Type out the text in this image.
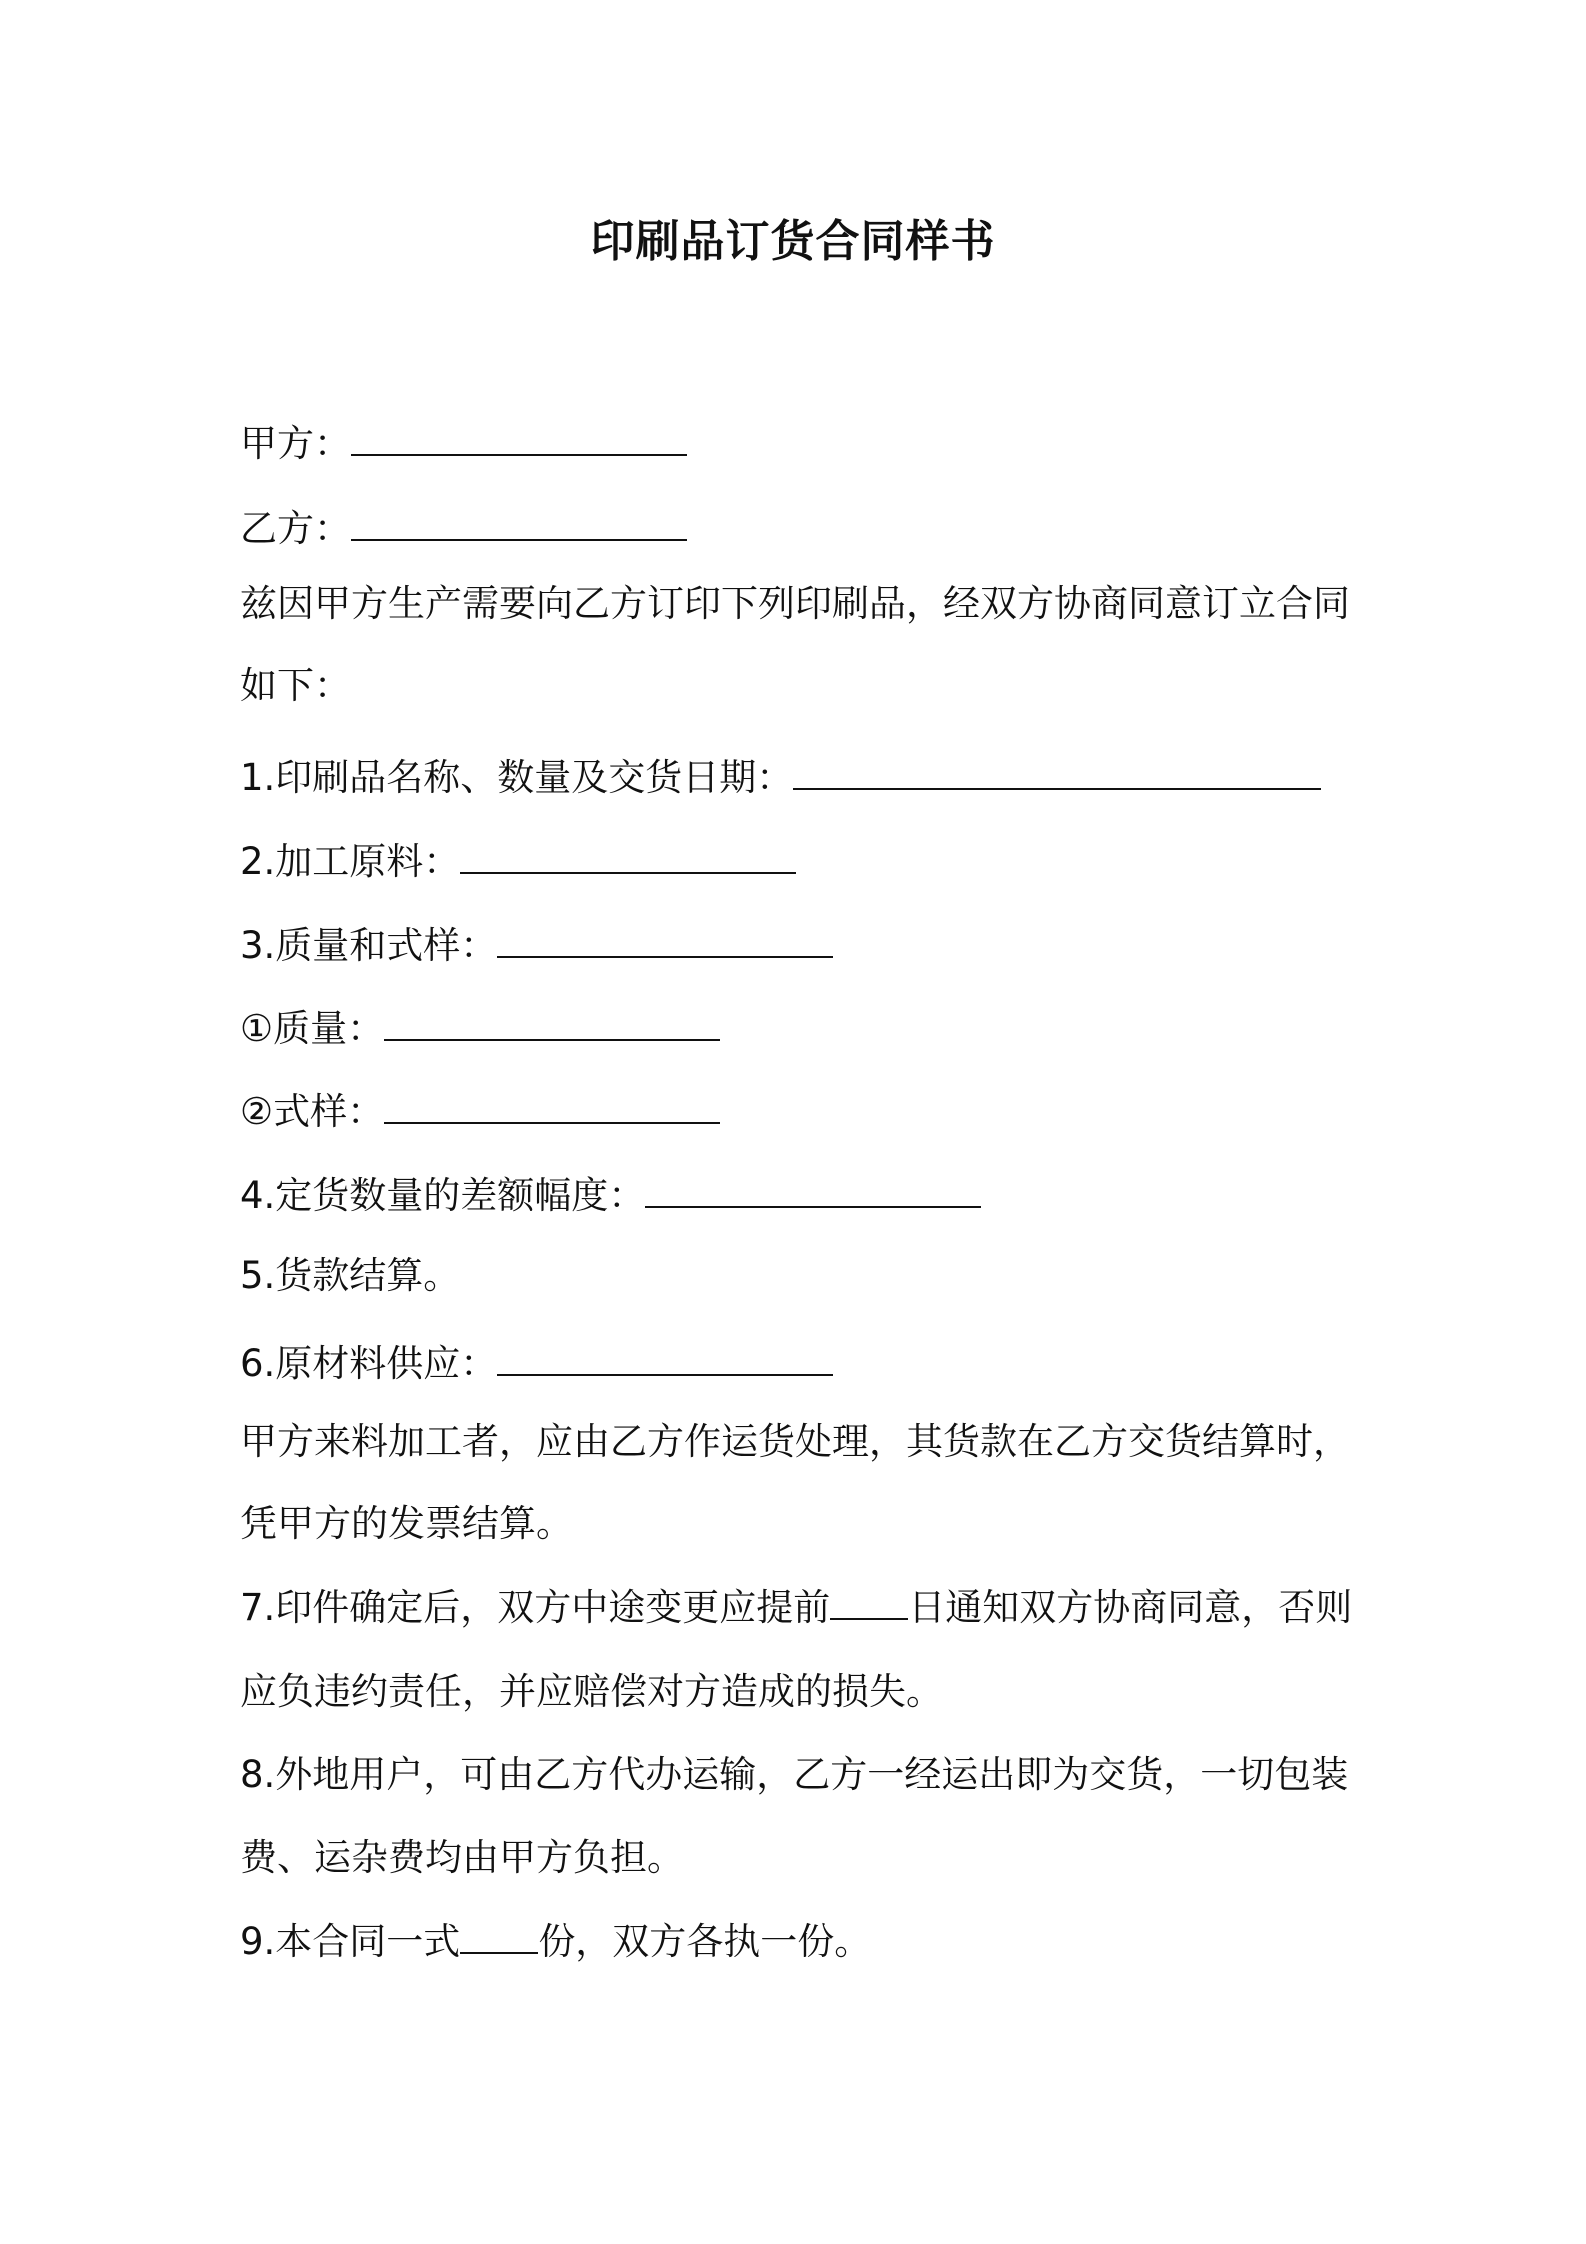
印刷品订货合同样书
甲方：
乙方：
兹因甲方生产需要向乙方订印下列印刷品，经双方协商同意订立合同
如下：
1.印刷品名称、数量及交货日期：
2.加工原料：
3.质量和式样：
①质量：
②式样：
4.定货数量的差额幅度：
5.货款结算。
6.原材料供应：
甲方来料加工者，应由乙方作运货处理，其货款在乙方交货结算时，
凭甲方的发票结算。
7.印件确定后，双方中途变更应提前 日通知双方协商同意，否则
应负违约责任，并应赔偿对方造成的损失。
8.外地用户，可由乙方代办运输，乙方一经运出即为交货，一切包装
费、运杂费均由甲方负担。
9.本合同一式 份，双方各执一份。
